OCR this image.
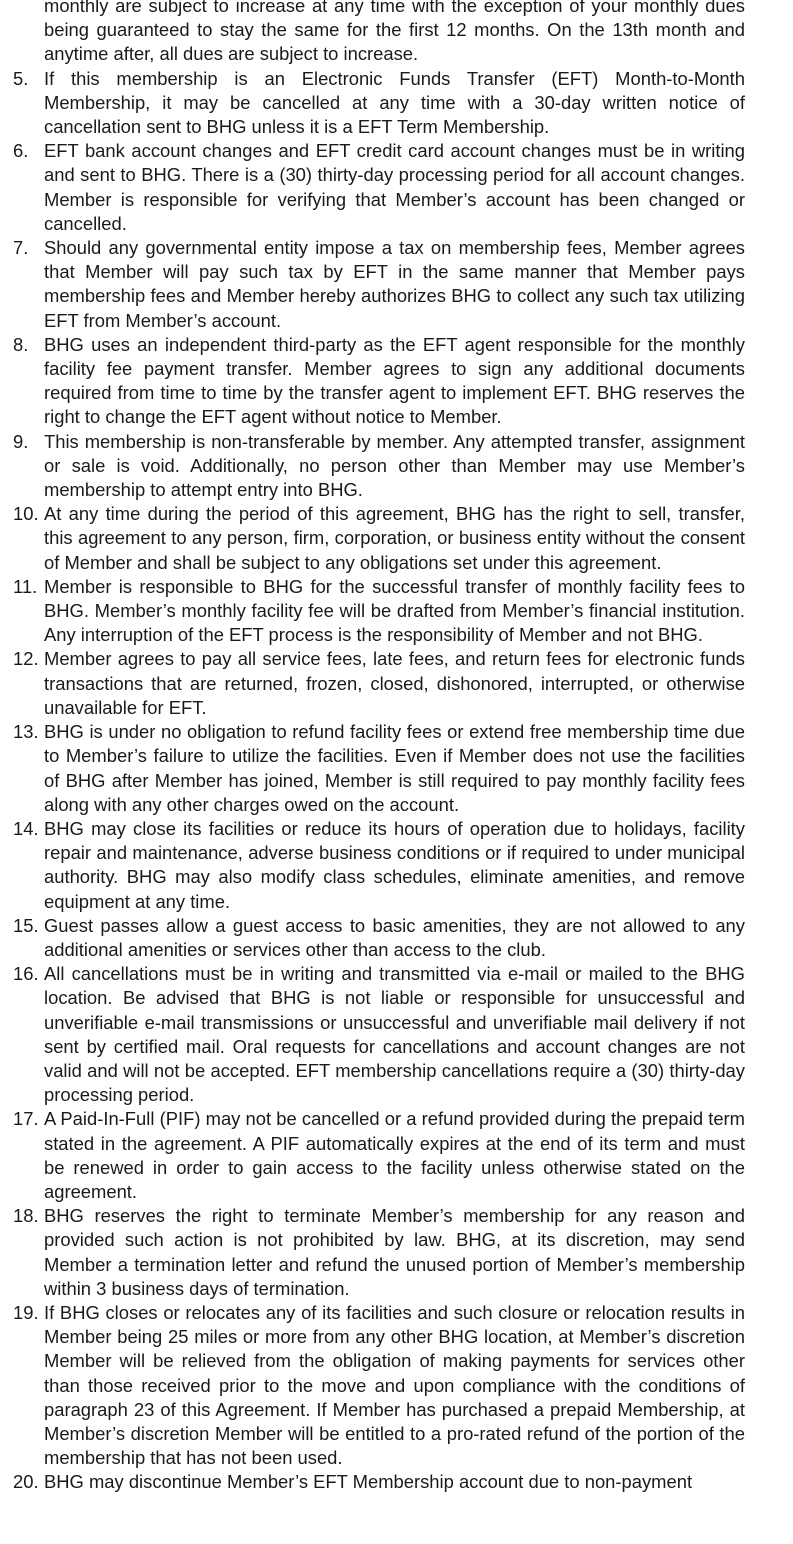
monthly are subject to increase at any time with the exception of your monthly dues being guaranteed to stay the same for the first 12 months. On the 13th month and anytime after, all dues are subject to increase.
5. If this membership is an Electronic Funds Transfer (EFT) Month-to-Month Membership, it may be cancelled at any time with a 30-day written notice of cancellation sent to BHG unless it is a EFT Term Membership.
6. EFT bank account changes and EFT credit card account changes must be in writing and sent to BHG. There is a (30) thirty-day processing period for all account changes. Member is responsible for verifying that Member’s account has been changed or cancelled.
7. Should any governmental entity impose a tax on membership fees, Member agrees that Member will pay such tax by EFT in the same manner that Member pays membership fees and Member hereby authorizes BHG to collect any such tax utilizing EFT from Member’s account.
8. BHG uses an independent third-party as the EFT agent responsible for the monthly facility fee payment transfer. Member agrees to sign any additional documents required from time to time by the transfer agent to implement EFT. BHG reserves the right to change the EFT agent without notice to Member.
9. This membership is non-transferable by member. Any attempted transfer, assignment or sale is void. Additionally, no person other than Member may use Member’s membership to attempt entry into BHG.
10. At any time during the period of this agreement, BHG has the right to sell, transfer, this agreement to any person, firm, corporation, or business entity without the consent of Member and shall be subject to any obligations set under this agreement.
11. Member is responsible to BHG for the successful transfer of monthly facility fees to BHG. Member’s monthly facility fee will be drafted from Member’s financial institution. Any interruption of the EFT process is the responsibility of Member and not BHG.
12. Member agrees to pay all service fees, late fees, and return fees for electronic funds transactions that are returned, frozen, closed, dishonored, interrupted, or otherwise unavailable for EFT.
13. BHG is under no obligation to refund facility fees or extend free membership time due to Member’s failure to utilize the facilities. Even if Member does not use the facilities of BHG after Member has joined, Member is still required to pay monthly facility fees along with any other charges owed on the account.
14. BHG may close its facilities or reduce its hours of operation due to holidays, facility repair and maintenance, adverse business conditions or if required to under municipal authority. BHG may also modify class schedules, eliminate amenities, and remove equipment at any time.
15. Guest passes allow a guest access to basic amenities, they are not allowed to any additional amenities or services other than access to the club.
16. All cancellations must be in writing and transmitted via e-mail or mailed to the BHG location. Be advised that BHG is not liable or responsible for unsuccessful and unverifiable e-mail transmissions or unsuccessful and unverifiable mail delivery if not sent by certified mail. Oral requests for cancellations and account changes are not valid and will not be accepted. EFT membership cancellations require a (30) thirty-day processing period.
17. A Paid-In-Full (PIF) may not be cancelled or a refund provided during the prepaid term stated in the agreement. A PIF automatically expires at the end of its term and must be renewed in order to gain access to the facility unless otherwise stated on the agreement.
18. BHG reserves the right to terminate Member’s membership for any reason and provided such action is not prohibited by law. BHG, at its discretion, may send Member a termination letter and refund the unused portion of Member’s membership within 3 business days of termination.
19. If BHG closes or relocates any of its facilities and such closure or relocation results in Member being 25 miles or more from any other BHG location, at Member’s discretion Member will be relieved from the obligation of making payments for services other than those received prior to the move and upon compliance with the conditions of paragraph 23 of this Agreement. If Member has purchased a prepaid Membership, at Member’s discretion Member will be entitled to a pro-rated refund of the portion of the membership that has not been used.
20. BHG may discontinue Member’s EFT Membership account due to non-payment
